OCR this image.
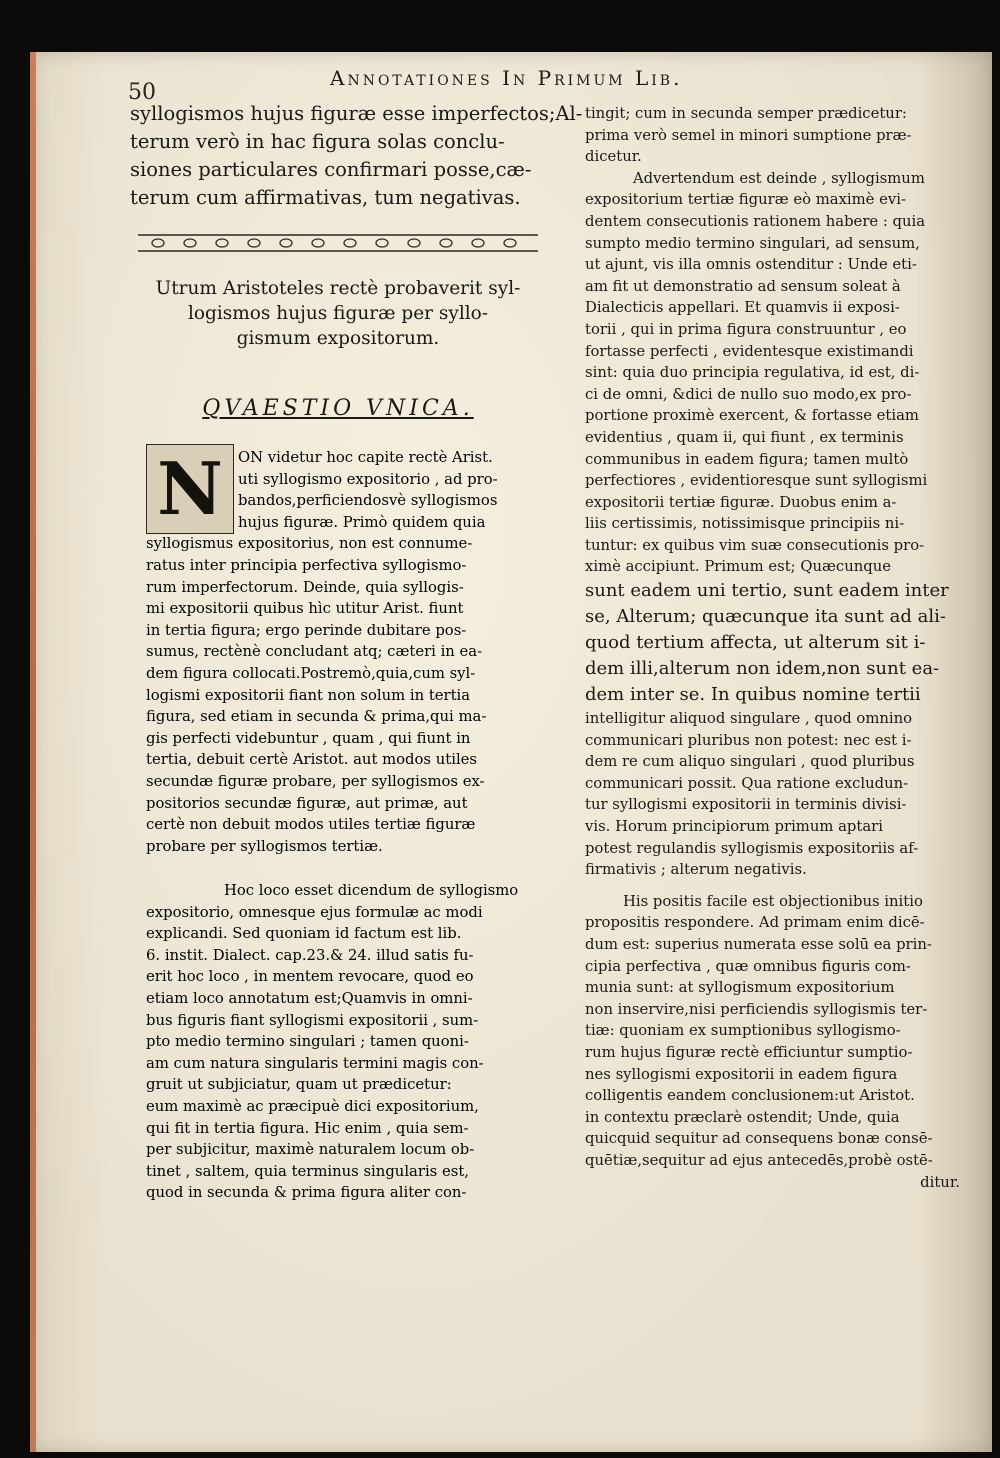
50
Annotationes In Primum Lib.
syllogismos hujus figuræ esse imperfectos;Al-
terum verò in hac figura solas conclu-
siones particulares confirmari posse,cæ-
terum cum affirmativas, tum negativas.
Utrum Aristoteles rectè probaverit syl-
logismos hujus figuræ per syllo-
gismum expositorum.
QVAESTIO VNICA.
N	ON videtur hoc capite rectè Arist.
uti syllogismo expositorio , ad pro-
bandos,perficiendosvè syllogismos
hujus figuræ. Primò quidem quia
syllogismus expositorius, non est connume-
ratus inter principia perfectiva syllogismo-
rum imperfectorum. Deinde, quia syllogis-
mi expositorii quibus hìc utitur Arist. fiunt
in tertia figura; ergo perinde dubitare pos-
sumus, rectènè concludant atq; cæteri in ea-
dem figura collocati.Postremò,quia,cum syl-
logismi expositorii fiant non solum in tertia
figura, sed etiam in secunda & prima,qui ma-
gis perfecti videbuntur , quam , qui fiunt in
tertia, debuit certè Aristot. aut modos utiles
secundæ figuræ probare, per syllogismos ex-
positorios secundæ figuræ, aut primæ, aut
certè non debuit modos utiles tertiæ figuræ
probare per syllogismos tertiæ.
Hoc loco esset dicendum de syllogismo
expositorio, omnesque ejus formulæ ac modi
explicandi. Sed quoniam id factum est lib.
6. instit. Dialect. cap.23.& 24. illud satis fu-
erit hoc loco , in mentem revocare, quod eo
etiam loco annotatum est;Quamvis in omni-
bus figuris fiant syllogismi expositorii , sum-
pto medio termino singulari ; tamen quoni-
am cum natura singularis termini magis con-
gruit ut subjiciatur, quam ut prædicetur:
eum maximè ac præcipuè dici expositorium,
qui fit in tertia figura. Hic enim , quia sem-
per subjicitur, maximè naturalem locum ob-
tinet , saltem, quia terminus singularis est,
quod in secunda & prima figura aliter con-
tingit; cum in secunda semper prædicetur:
prima verò semel in minori sumptione præ-
dicetur.
Advertendum est deinde , syllogismum
expositorium tertiæ figuræ eò maximè evi-
dentem consecutionis rationem habere : quia
sumpto medio termino singulari, ad sensum,
ut ajunt, vis illa omnis ostenditur : Unde eti-
am fit ut demonstratio ad sensum soleat à
Dialecticis appellari. Et quamvis ii exposi-
torii , qui in prima figura construuntur , eo
fortasse perfecti , evidentesque existimandi
sint: quia duo principia regulativa, id est, di-
ci de omni, &dici de nullo suo modo,ex pro-
portione proximè exercent, & fortasse etiam
evidentius , quam ii, qui fiunt , ex terminis
communibus in eadem figura; tamen multò
perfectiores , evidentioresque sunt syllogismi
expositorii tertiæ figuræ. Duobus enim a-
liis certissimis, notissimisque principiis ni-
tuntur: ex quibus vim suæ consecutionis pro-
ximè accipiunt. Primum est; Quæcunque
sunt eadem uni tertio, sunt eadem inter
se, Alterum; quæcunque ita sunt ad ali-
quod tertium affecta, ut alterum sit i-
dem illi,alterum non idem,non sunt ea-
dem inter se. In quibus nomine tertii
intelligitur aliquod singulare , quod omnino
communicari pluribus non potest: nec est i-
dem re cum aliquo singulari , quod pluribus
communicari possit. Qua ratione excludun-
tur syllogismi expositorii in terminis divisi-
vis. Horum principiorum primum aptari
potest regulandis syllogismis expositoriis af-
firmativis ; alterum negativis.
His positis facile est objectionibus initio
propositis respondere. Ad primam enim dicē-
dum est: superius numerata esse solū ea prin-
cipia perfectiva , quæ omnibus figuris com-
munia sunt: at syllogismum expositorium
non inservire,nisi perficiendis syllogismis ter-
tiæ: quoniam ex sumptionibus syllogismo-
rum hujus figuræ rectè efficiuntur sumptio-
nes syllogismi expositorii in eadem figura
colligentis eandem conclusionem:ut Aristot.
in contextu præclarè ostendit; Unde, quia
quicquid sequitur ad consequens bonæ consē-
quētiæ,sequitur ad ejus antecedēs,probè ostē-
ditur.
